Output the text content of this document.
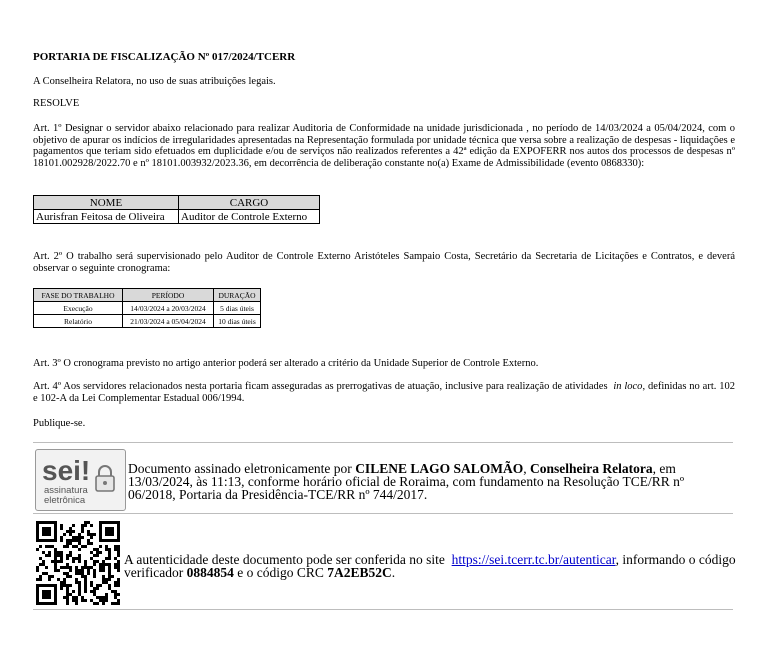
PORTARIA DE FISCALIZAÇÃO Nº 017/2024/TCERR
A Conselheira Relatora, no uso de suas atribuições legais.
RESOLVE
Art. 1º Designar o servidor abaixo relacionado para realizar Auditoria de Conformidade na unidade jurisdicionada , no período de 14/03/2024 a 05/04/2024, com o objetivo de apurar os indícios de irregularidades apresentadas na Representação formulada por unidade técnica que versa sobre a realização de despesas - liquidações e pagamentos que teriam sido efetuados em duplicidade e/ou de serviços não realizados referentes a 42ª edição da EXPOFERR nos autos dos processos de despesas nº 18101.002928/2022.70 e nº 18101.003932/2023.36, em decorrência de deliberação constante no(a) Exame de Admissibilidade (evento 0868330):
NOME	CARGO
Aurisfran Feitosa de Oliveira	Auditor de Controle Externo
Art. 2º O trabalho será supervisionado pelo Auditor de Controle Externo Aristóteles Sampaio Costa, Secretário da Secretaria de Licitações e Contratos, e deverá observar o seguinte cronograma:
FASE DO TRABALHO	PERÍODO	DURAÇÃO
Execução	14/03/2024 a 20/03/2024	5 dias úteis
Relatório	21/03/2024 a 05/04/2024	10 dias úteis
Art. 3º O cronograma previsto no artigo anterior poderá ser alterado a critério da Unidade Superior de Controle Externo.
Art. 4º Aos servidores relacionados nesta portaria ficam asseguradas as prerrogativas de atuação, inclusive para realização de atividades in loco, definidas no art. 102 e 102-A da Lei Complementar Estadual 006/1994.
Publique-se.
sei!
assinatura
eletrônica
Documento assinado eletronicamente por CILENE LAGO SALOMÃO, Conselheira Relatora, em 13/03/2024, às 11:13, conforme horário oficial de Roraima, com fundamento na Resolução TCE/RR nº 06/2018, Portaria da Presidência-TCE/RR nº 744/2017.
A autenticidade deste documento pode ser conferida no site https://sei.tcerr.tc.br/autenticar, informando o código verificador 0884854 e o código CRC 7A2EB52C.
